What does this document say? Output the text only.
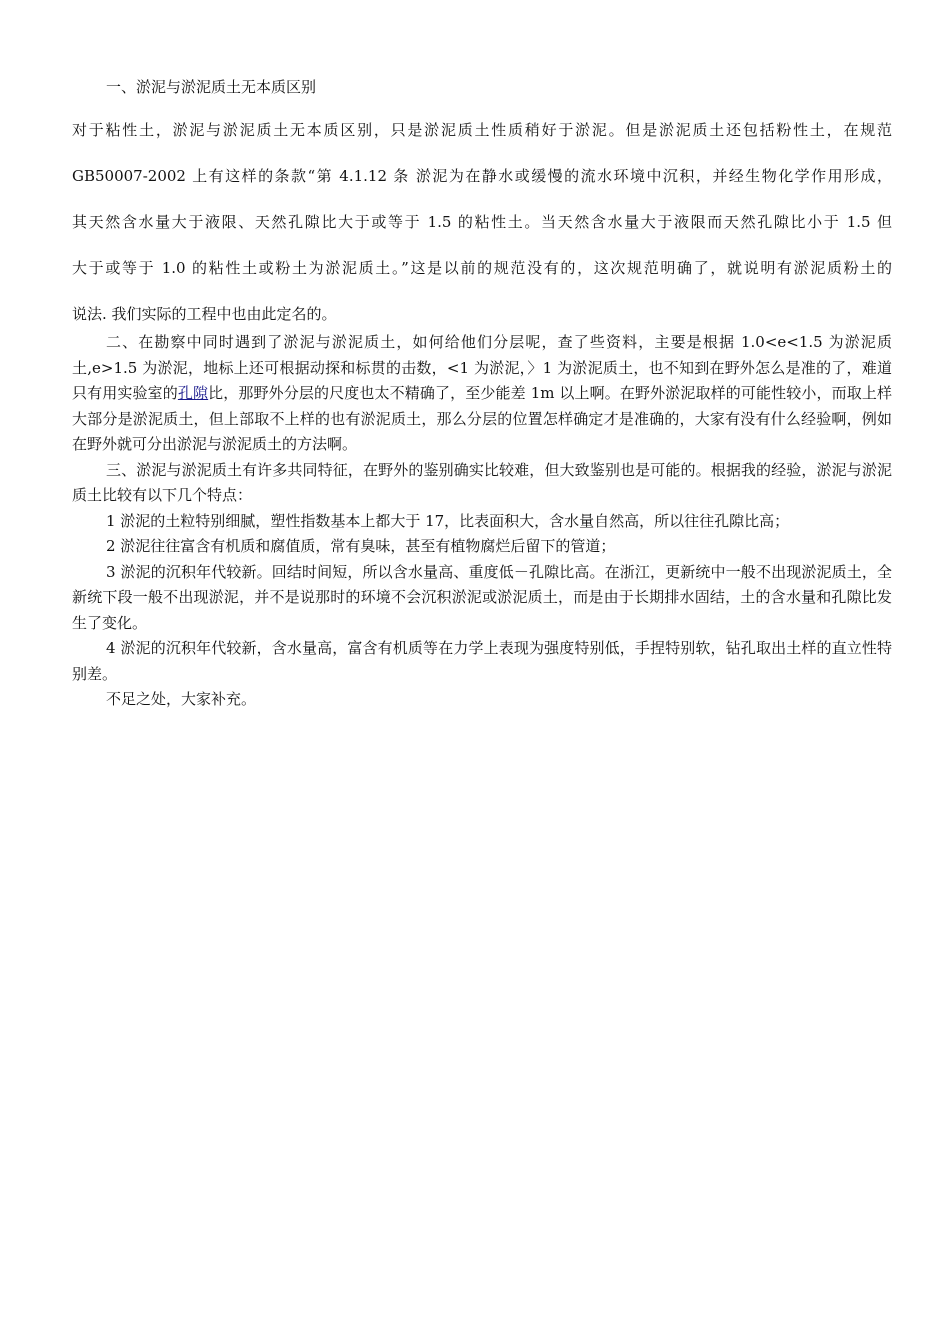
一、淤泥与淤泥质土无本质区别
对于粘性土，淤泥与淤泥质土无本质区别，只是淤泥质土性质稍好于淤泥。但是淤泥质土还包括粉性土，在规范
GB50007-2002 上有这样的条款“第 4.1.12 条 淤泥为在静水或缓慢的流水环境中沉积，并经生物化学作用形成，
其天然含水量大于液限、天然孔隙比大于或等于 1.5 的粘性土。当天然含水量大于液限而天然孔隙比小于 1.5 但
大于或等于 1.0 的粘性土或粉土为淤泥质土。”这是以前的规范没有的，这次规范明确了，就说明有淤泥质粉土的
说法. 我们实际的工程中也由此定名的。

二、在勘察中同时遇到了淤泥与淤泥质土，如何给他们分层呢，查了些资料，主要是根据 1.0<e<1.5 为淤泥质土,e>1.5 为淤泥，地标上还可根据动探和标贯的击数，<1 为淤泥，〉1 为淤泥质土，也不知到在野外怎么是准的了，难道只有用实验室的孔隙比，那野外分层的尺度也太不精确了，至少能差 1m 以上啊。在野外淤泥取样的可能性较小，而取上样大部分是淤泥质土，但上部取不上样的也有淤泥质土，那么分层的位置怎样确定才是准确的，大家有没有什么经验啊，例如在野外就可分出淤泥与淤泥质土的方法啊。

三、淤泥与淤泥质土有许多共同特征，在野外的鉴别确实比较难，但大致鉴别也是可能的。根据我的经验，淤泥与淤泥质土比较有以下几个特点：

1 淤泥的土粒特别细腻，塑性指数基本上都大于 17，比表面积大，含水量自然高，所以往往孔隙比高；

2 淤泥往往富含有机质和腐值质，常有臭味，甚至有植物腐烂后留下的管道；

3 淤泥的沉积年代较新。回结时间短，所以含水量高、重度低－孔隙比高。在浙江，更新统中一般不出现淤泥质土，全新统下段一般不出现淤泥，并不是说那时的环境不会沉积淤泥或淤泥质土，而是由于长期排水固结，土的含水量和孔隙比发生了变化。

4 淤泥的沉积年代较新，含水量高，富含有机质等在力学上表现为强度特别低，手捏特别软，钻孔取出土样的直立性特别差。

不足之处，大家补充。
